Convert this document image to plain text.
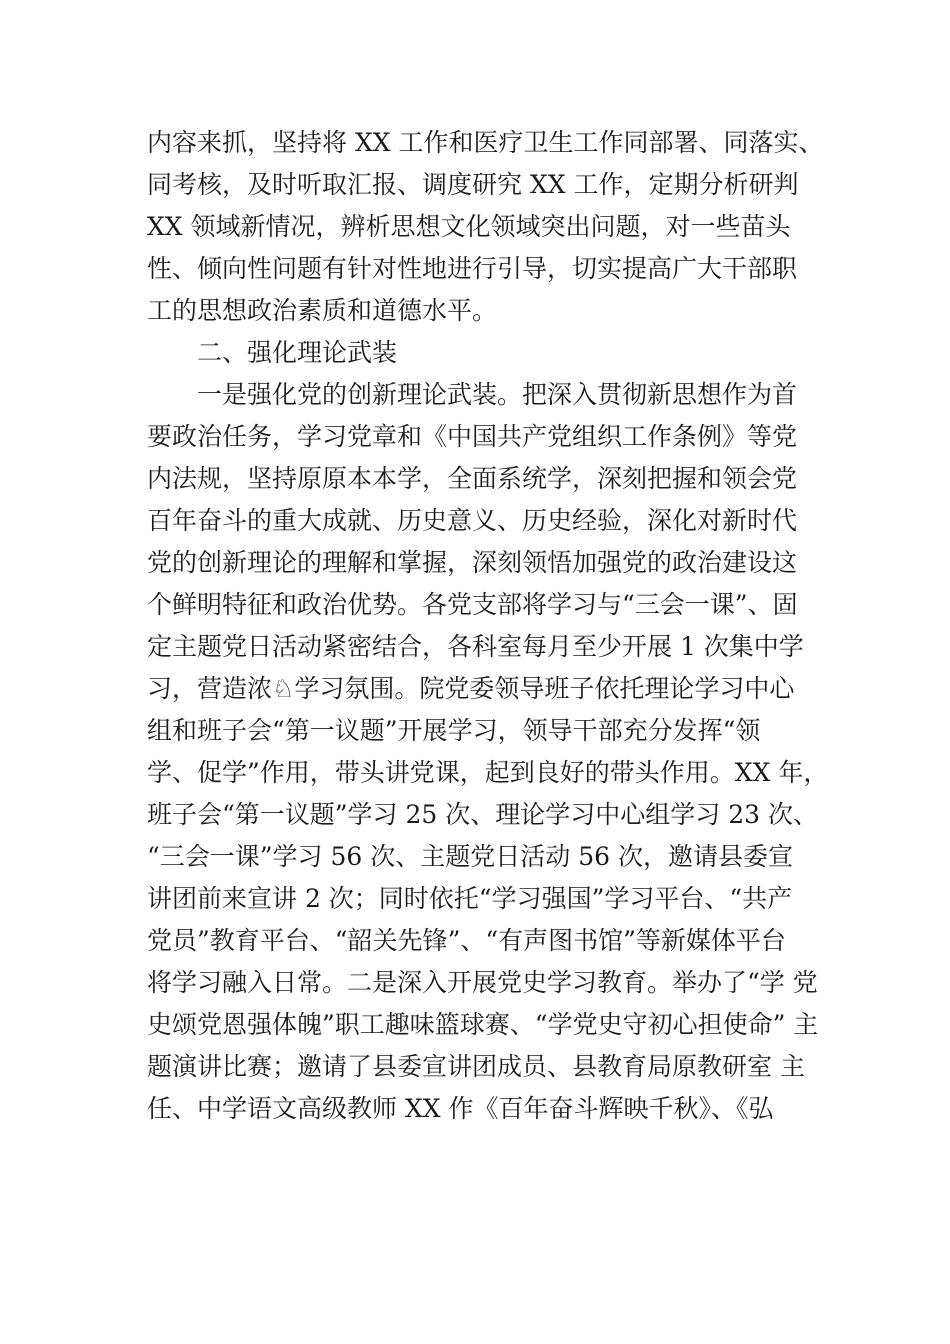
内容来抓，坚持将 XX 工作和医疗卫生工作同部署、同落实、
同考核，及时听取汇报、调度研究 XX 工作，定期分析研判
XX 领域新情况，辨析思想文化领域突出问题，对一些苗头
性、倾向性问题有针对性地进行引导，切实提高广大干部职
工的思想政治素质和道德水平。
二、强化理论武装
一是强化党的创新理论武装。把深入贯彻新思想作为首
要政治任务，学习党章和《中国共产党组织工作条例》等党
内法规，坚持原原本本学，全面系统学，深刻把握和领会党
百年奋斗的重大成就、历史意义、历史经验，深化对新时代
党的创新理论的理解和掌握，深刻领悟加强党的政治建设这
个鲜明特征和政治优势。各党支部将学习与“三会一课”、固
定主题党日活动紧密结合，各科室每月至少开展 1 次集中学
习，营造浓♘学习氛围。院党委领导班子依托理论学习中心
组和班子会“第一议题”开展学习，领导干部充分发挥“领
学、促学”作用，带头讲党课，起到良好的带头作用。XX 年，
班子会“第一议题”学习 25 次、理论学习中心组学习 23 次、
“三会一课”学习 56 次、主题党日活动 56 次，邀请县委宣
讲团前来宣讲 2 次；同时依托“学习强国”学习平台、“共产
党员”教育平台、“韶关先锋”、“有声图书馆”等新媒体平台
将学习融入日常。二是深入开展党史学习教育。举办了“学 党
史颂党恩强体魄”职工趣味篮球赛、“学党史守初心担使命” 主
题演讲比赛；邀请了县委宣讲团成员、县教育局原教研室 主
任、中学语文高级教师 XX 作《百年奋斗辉映千秋》、《弘
